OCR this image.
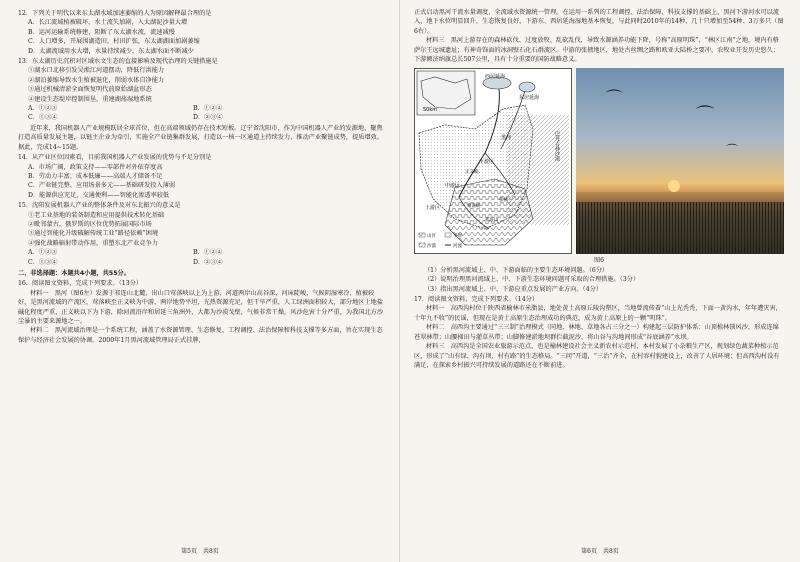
12．下列关于明代以来东太湖水域加速萎缩的人为原因解释最合理的是

A．长江流域植被破坏，水土流失加剧，入太湖泥沙量大增

B．运河运输系统修建，阻断了东太湖水流，流速减慢

C．人口增多，开展围湖造田，村田扩张，东太湖湖面加剧萎缩

D．太湖流域用水大增，水量持续减少，东太湖水面不断减少

13．东太湖历史沉积对区域水文生态的直接影响及现代治理的关键措施是

①湖水口北移引发吴淞江河道摆动，降低行洪能力

②湖泊萎缩导致水生植被退化，削弱水体自净能力

③通过机械清淤全面恢复明代前原始湖盆形态

④建设生态堤岸控制围垦，重建湖荡湿地系统

A．①②③	B．①②④
C．①③④	D．②③④

近年来，我国机器人产业规模跃居全球首位，但在高端领域仍存在技术短板。辽宁省沈阳市，作为中国机器人产业的发源地，聚焦打造高质量发展主题，以链主企业为牵引，实施全产业链集群发展，打造以一核一区通道上持续发力，推动产业聚链成势，提质增效。据此，完成14~15题。

14．从产业区位因素看，目前我国机器人产业发展的优势与不足分别是

A．市场广阔，政策支持——零部件对外依存度高

B．劳动力丰富、成本低廉——高端人才储备不足

C．产业链完整、应用场景多元——基础研发投入薄弱

D．能源供应充足，交通便利——智能化渗透率较低

15．沈阳发展机器人产业的整体条件及对东北振兴的意义是

①老工业基地的装备制造和应用提供技术转化基础

②毗邻蒙古，俄罗斯的区位优势拓展国际市场

③通过智能化升级破解传统工业“路径依赖”困境

④强化战略辐射带动作用，重塑东北产业竞争力

A．①②③	B．①②④
C．①③④	D．②③④

二、非选择题：本题共4小题，共55分。

16．阅读图文资料，完成下列要求。（13分）

材料一　黑河（图6左）发源于祁连山北麓，出山口莺落峡以上为上游，河道两岸山高谷深，河床陡峻，气候阴湿寒冷，植被较好，是黑河流域的产流区，莺落峡至正义峡为中游，两岸地势平坦，光热资源充足，但干旱严重，人工绿洲面积较大，部分地区土地盐碱化程度严重，正义峡以下为下游，除河流沿岸和居延三角洲外，大都为沙漠戈壁，气候非常干燥，风沙危害十分严重，为我国北方沙尘暴的主要来源地之一。

材料二　黑河流域治理是一个系统工程，涵盖了水资源管理、生态修复、工程调控、法治保障和科技支撑等多方面，旨在实现生态保护与经济社会发展的协调。2000年1月黑河流域管理局正式挂牌，

第5页　共8页

正式启动黑河干流水量调度，全流域水资源统一管理。在运用一系列的工程调控、法治保障、科技支撑的基础上，黑河下游河水可以流入，地下水位明显回升，生态恢复良好，下游东、西居延海湿地基本恢复，与此同时2010年的14种、几十只增加至54种、3万多只（图6右）。

材料三　黑河上游存在的森林砍伐、过度放牧、乱砍乱伐，导致水源涵养功能下降，号称“高原明珠”、“林区江南”之地，境内有格萨尔王远城遗址；有神奇饰面的冰洞壁石化石群流区。中游的张掖地区，地处古丝绸之路和欧亚大陆桥之要冲，农牧业开发历史悠久；下游额济纳旗总长507公里，具有十分重要的国防战略意义。

50km
西居延海
东居延海
黑河	巴丹吉林沙漠
下游区
中游区
上游区
正义峡
莺落峡
祁连山
张掖
山区	平原
沙漠	河流
⌒
⌒
⌒

图6

（1）分析黑河流域上、中、下游面临的主要生态环境问题。（6分）

（2）说明治理黑河流域上、中、下游生态环境问题可采取的合理措施。（3分）

（3）指出黑河流域上、中、下游应重点发展的产业方向。（4分）

17．阅读图文资料，完成下列要求。（14分）

材料一　高西沟村位于陕西省榆林市米脂县，地处黄土高原丘陵沟壑区，当地曾流传着“山上光秃秃，下面一黄沟水，年年遭灾害，十年九不收”的民谣，但现在是黄土高原生态治理成功的典范，成为黄土高原上的一颗“明珠”。

材料二　高西沟主要通过“三三制”治理模式（同地、林地、草地各占三分之一）构建起三层防护体系：山顶植林锁风沙，形成连绵苍翠林带；山腰梯田与灌草丛带；山脚修建淤地坝群拦截泥沙，将山谷与沟地间形成“谷底涵养”水坝。

材料三　高西沟是全国农业旅游示范点，也是榆林建设社会主义新农村示范村，本村发展了小杂粮生产区，规划绿色蔬菜种植示范区，形成了“山有绿、沟有坝、村有路”的生态格局。“三问”开道，“三治”齐全，在村容村貌建设上，改善了人居环境；但高西沟村没有满足，在探索乡村振兴可持续发展的道路还在不断前进。

第6页　共8页
